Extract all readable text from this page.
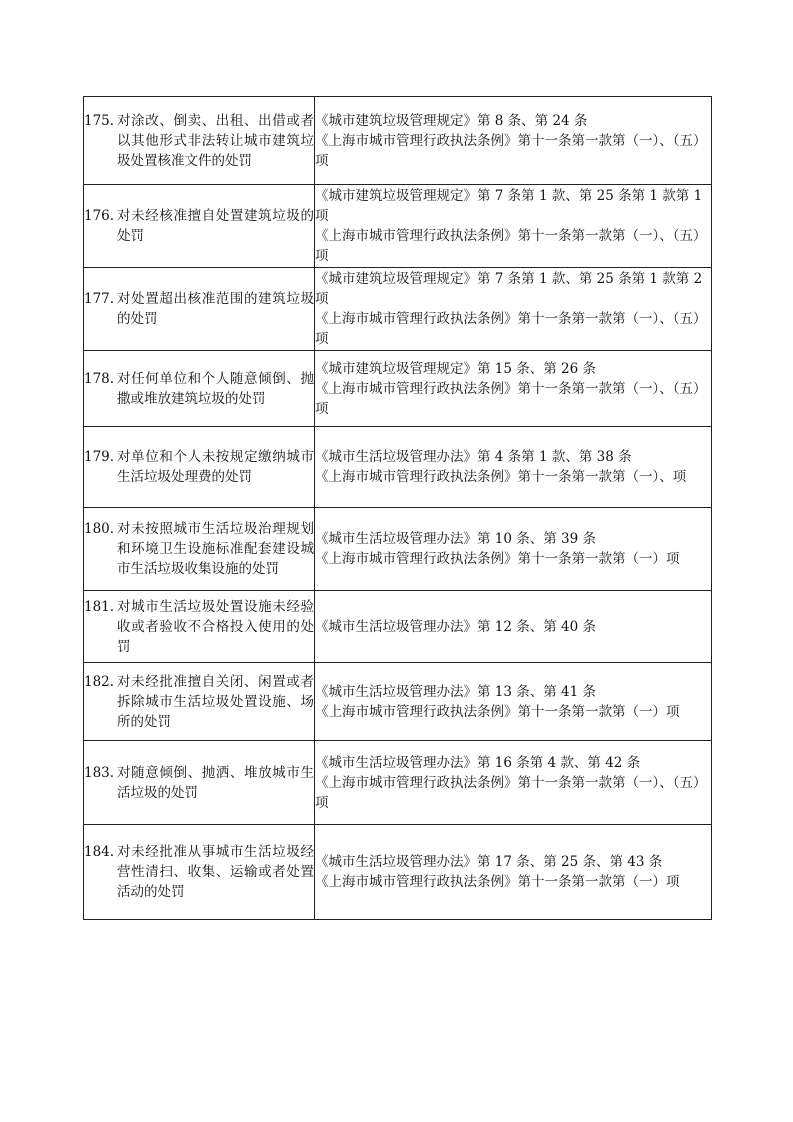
175. 对涂改、倒卖、出租、出借或者以其他形式非法转让城市建筑垃圾处置核准文件的处罚	《城市建筑垃圾管理规定》第 8 条、第 24 条
《上海市城市管理行政执法条例》第十一条第一款第（一）、（五）项

176. 对未经核准擅自处置建筑垃圾的处罚	《城市建筑垃圾管理规定》第 7 条第 1 款、第 25 条第 1 款第 1 项
《上海市城市管理行政执法条例》第十一条第一款第（一）、（五）项

177. 对处置超出核准范围的建筑垃圾的处罚	《城市建筑垃圾管理规定》第 7 条第 1 款、第 25 条第 1 款第 2 项
《上海市城市管理行政执法条例》第十一条第一款第（一）、（五）项

178. 对任何单位和个人随意倾倒、抛撒或堆放建筑垃圾的处罚	《城市建筑垃圾管理规定》第 15 条、第 26 条
《上海市城市管理行政执法条例》第十一条第一款第（一）、（五）项

179. 对单位和个人未按规定缴纳城市生活垃圾处理费的处罚	《城市生活垃圾管理办法》第 4 条第 1 款、第 38 条
《上海市城市管理行政执法条例》第十一条第一款第（一）、项

180. 对未按照城市生活垃圾治理规划和环境卫生设施标准配套建设城市生活垃圾收集设施的处罚	《城市生活垃圾管理办法》第 10 条、第 39 条
《上海市城市管理行政执法条例》第十一条第一款第（一）项

181. 对城市生活垃圾处置设施未经验收或者验收不合格投入使用的处罚	《城市生活垃圾管理办法》第 12 条、第 40 条

182. 对未经批准擅自关闭、闲置或者拆除城市生活垃圾处置设施、场所的处罚	《城市生活垃圾管理办法》第 13 条、第 41 条
《上海市城市管理行政执法条例》第十一条第一款第（一）项

183. 对随意倾倒、抛洒、堆放城市生活垃圾的处罚	《城市生活垃圾管理办法》第 16 条第 4 款、第 42 条
《上海市城市管理行政执法条例》第十一条第一款第（一）、（五）项

184. 对未经批准从事城市生活垃圾经营性清扫、收集、运输或者处置活动的处罚	《城市生活垃圾管理办法》第 17 条、第 25 条、第 43 条
《上海市城市管理行政执法条例》第十一条第一款第（一）项
